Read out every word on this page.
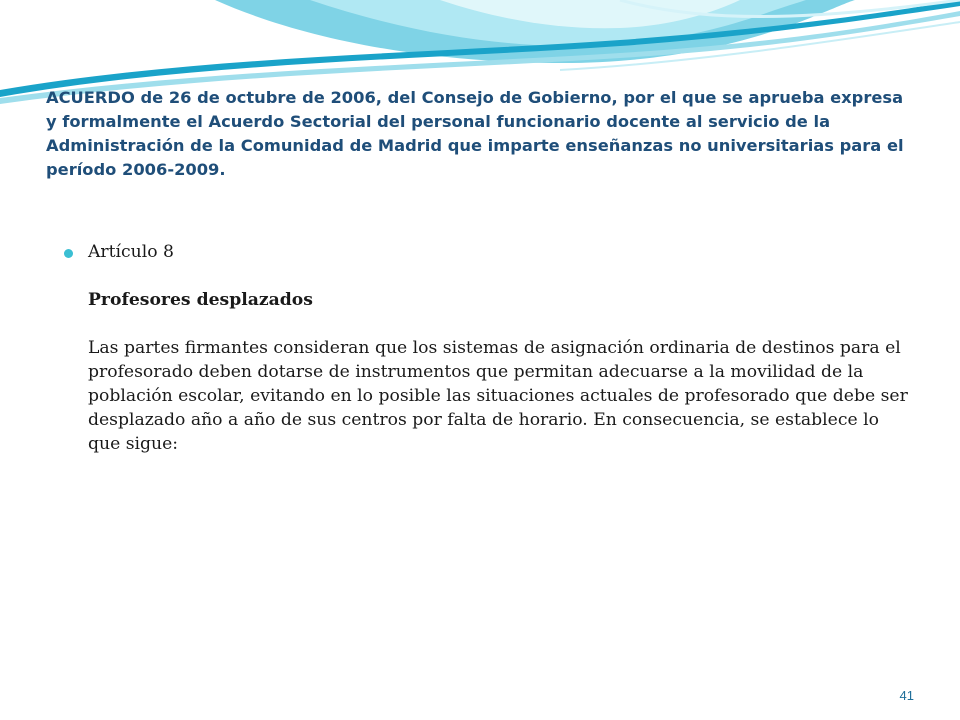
ACUERDO de 26 de octubre de 2006, del Consejo de Gobierno, por el que se aprueba expresa y formalmente el Acuerdo Sectorial del personal funcionario docente al servicio de la Administración de la Comunidad de Madrid que imparte enseñanzas no universitarias para el período 2006-2009.

Artículo 8

Profesores desplazados

Las partes firmantes consideran que los sistemas de asignación ordinaria de destinos para el profesorado deben dotarse de instrumentos que permitan adecuarse a la movilidad de la población escolar, evitando en lo posible las situaciones actuales de profesorado que debe ser desplazado año a año de sus centros por falta de horario. En consecuencia, se establece lo que sigue:

41
